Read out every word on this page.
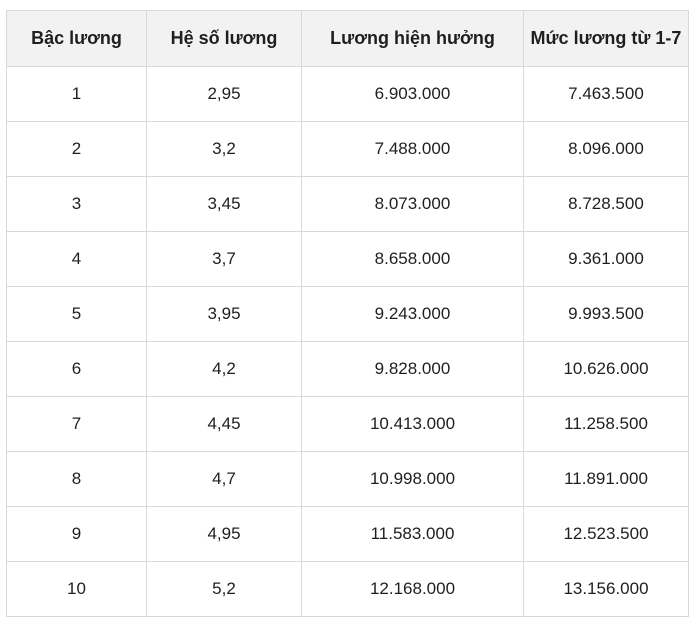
Bậc lương	Hệ số lương	Lương hiện hưởng	Mức lương từ 1-7
1	2,95	6.903.000	7.463.500
2	3,2	7.488.000	8.096.000
3	3,45	8.073.000	8.728.500
4	3,7	8.658.000	9.361.000
5	3,95	9.243.000	9.993.500
6	4,2	9.828.000	10.626.000
7	4,45	10.413.000	11.258.500
8	4,7	10.998.000	11.891.000
9	4,95	11.583.000	12.523.500
10	5,2	12.168.000	13.156.000
